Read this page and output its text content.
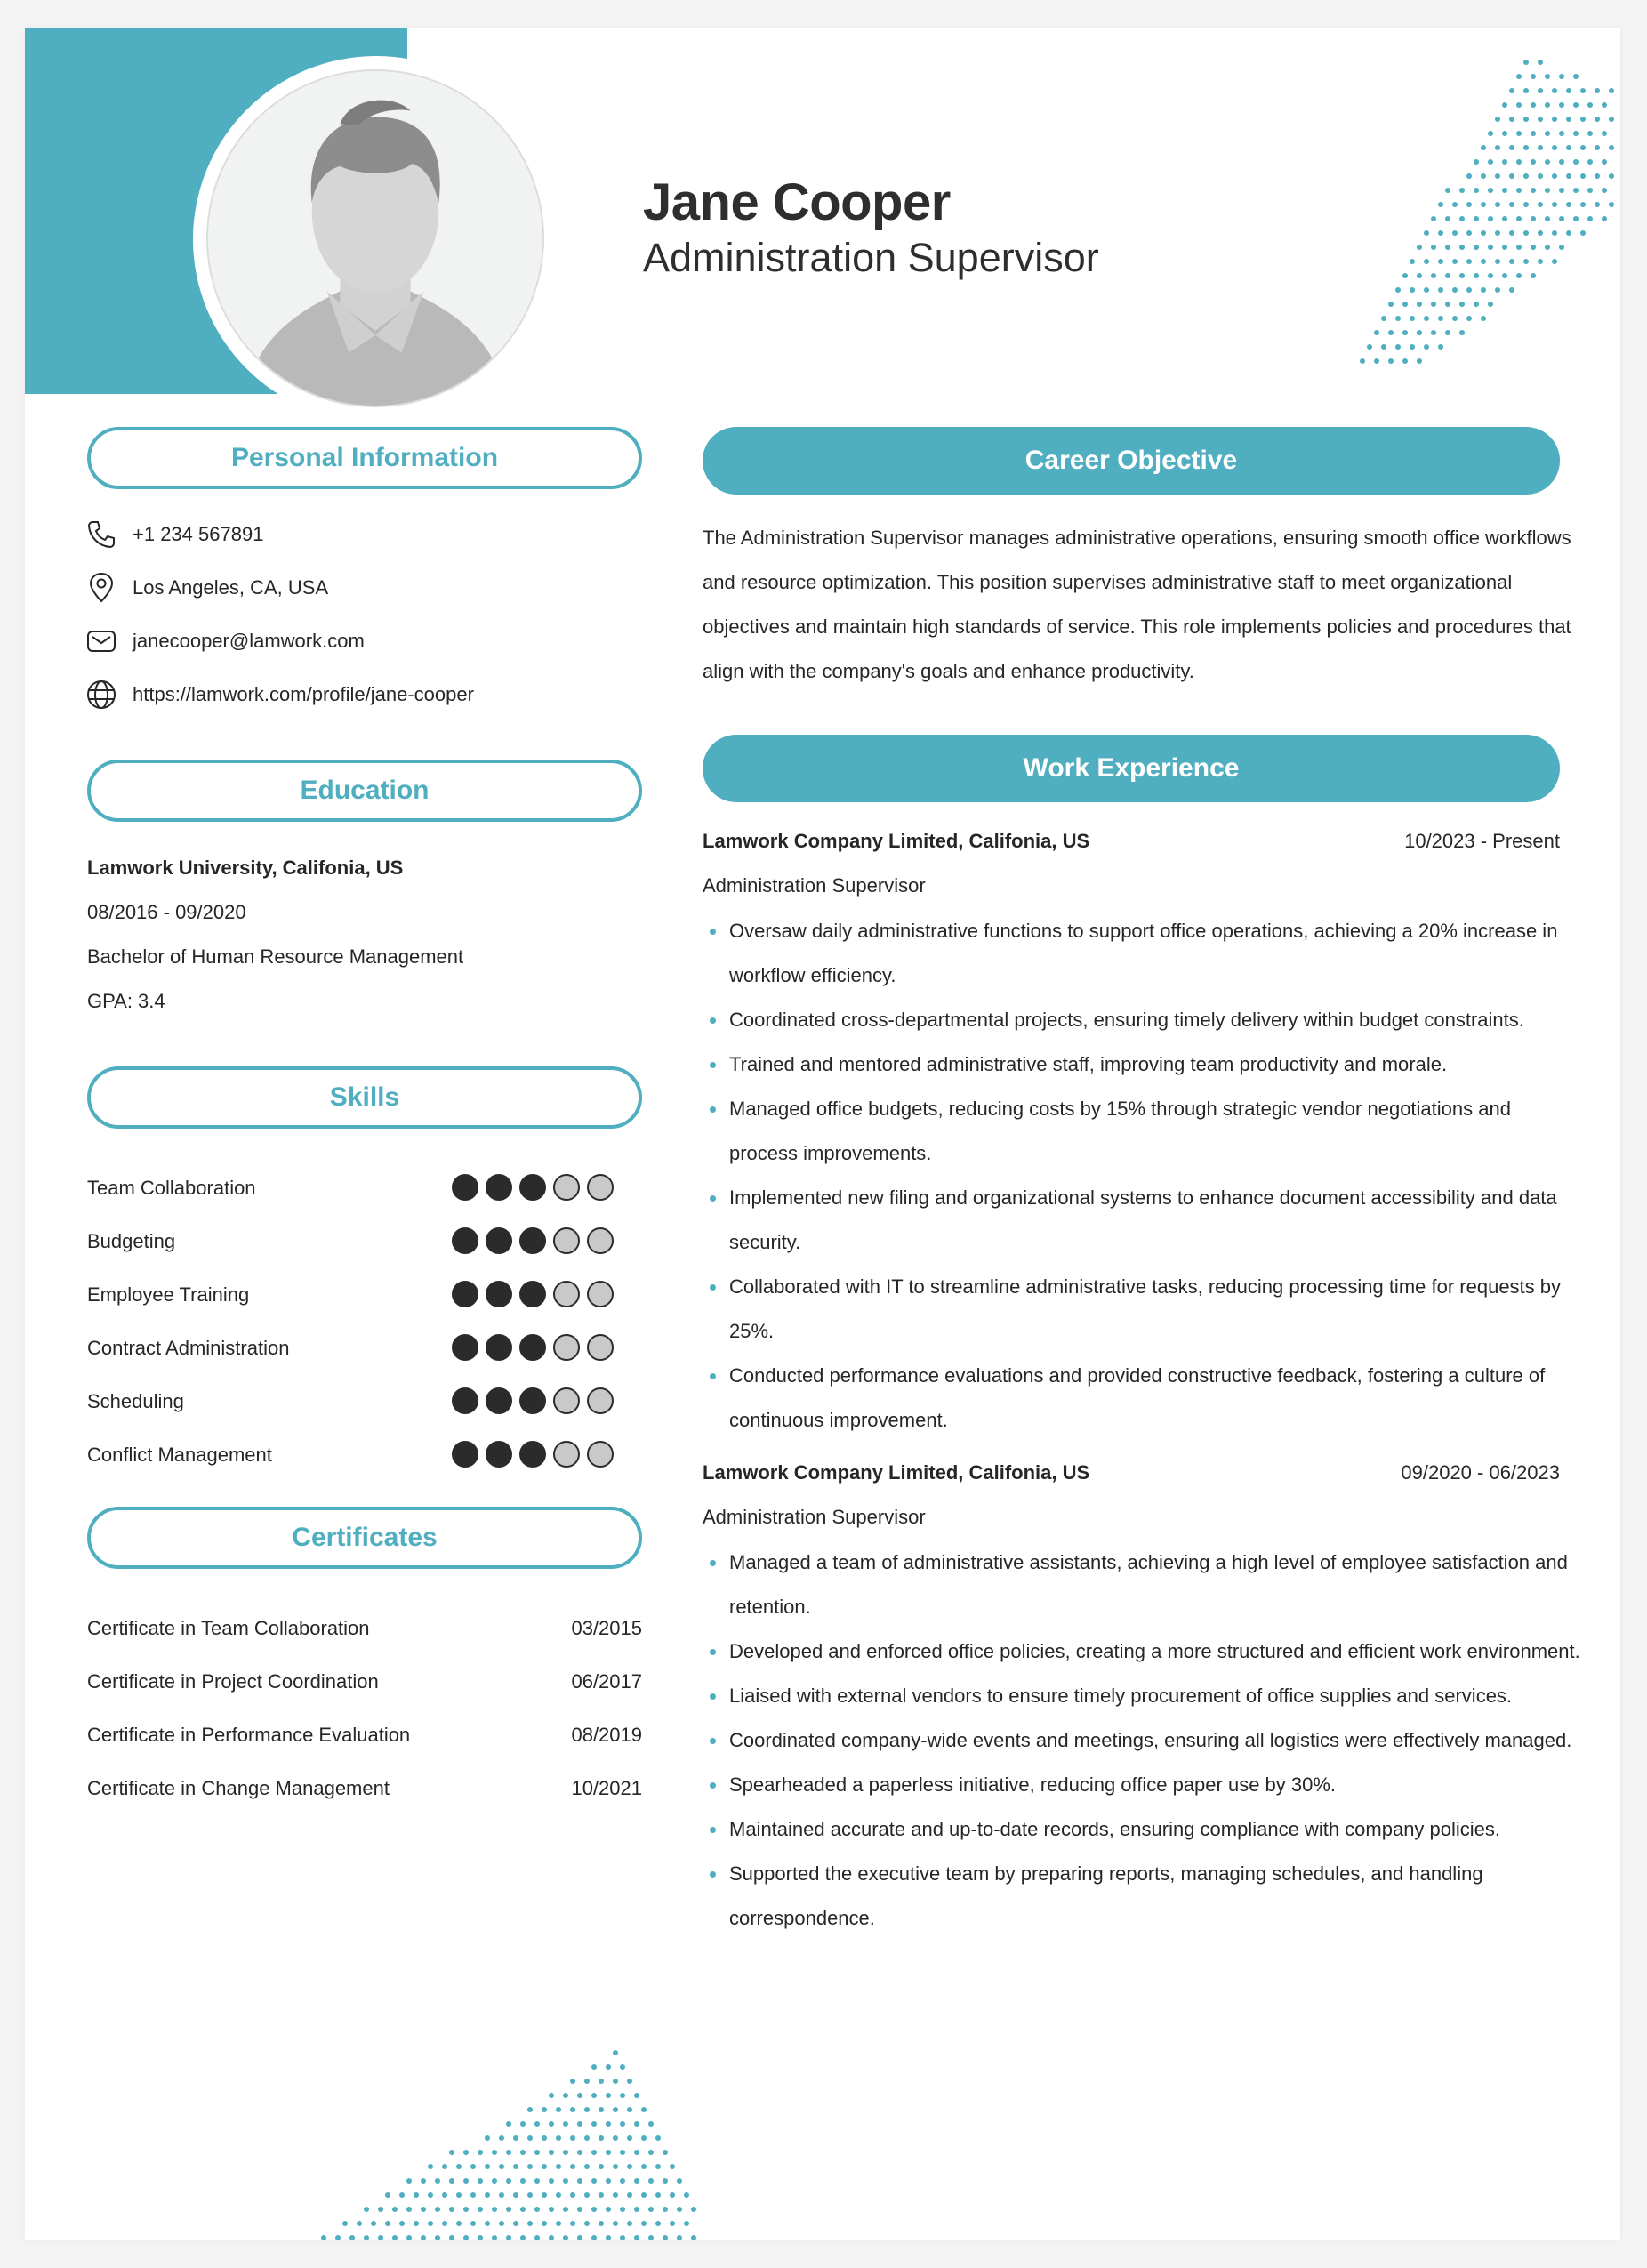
Jane Cooper
Administration Supervisor
Personal Information
+1 234 567891
Los Angeles, CA, USA
janecooper@lamwork.com
https://lamwork.com/profile/jane-cooper
Education
Lamwork University, Califonia, US
08/2016 - 09/2020
Bachelor of Human Resource Management
GPA: 3.4
Skills
Team Collaboration
Budgeting
Employee Training
Contract Administration
Scheduling
Conflict Management
Certificates
Certificate in Team Collaboration	03/2015
Certificate in Project Coordination	06/2017
Certificate in Performance Evaluation	08/2019
Certificate in Change Management	10/2021
Career Objective
The Administration Supervisor manages administrative operations, ensuring smooth office workflows and resource optimization. This position supervises administrative staff to meet organizational objectives and maintain high standards of service. This role implements policies and procedures that align with the company's goals and enhance productivity.
Work Experience
Lamwork Company Limited, Califonia, US	10/2023 - Present
Administration Supervisor
Oversaw daily administrative functions to support office operations, achieving a 20% increase in workflow efficiency.
Coordinated cross-departmental projects, ensuring timely delivery within budget constraints.
Trained and mentored administrative staff, improving team productivity and morale.
Managed office budgets, reducing costs by 15% through strategic vendor negotiations and process improvements.
Implemented new filing and organizational systems to enhance document accessibility and data security.
Collaborated with IT to streamline administrative tasks, reducing processing time for requests by 25%.
Conducted performance evaluations and provided constructive feedback, fostering a culture of continuous improvement.
Lamwork Company Limited, Califonia, US	09/2020 - 06/2023
Administration Supervisor
Managed a team of administrative assistants, achieving a high level of employee satisfaction and retention.
Developed and enforced office policies, creating a more structured and efficient work environment.
Liaised with external vendors to ensure timely procurement of office supplies and services.
Coordinated company-wide events and meetings, ensuring all logistics were effectively managed.
Spearheaded a paperless initiative, reducing office paper use by 30%.
Maintained accurate and up-to-date records, ensuring compliance with company policies.
Supported the executive team by preparing reports, managing schedules, and handling correspondence.
